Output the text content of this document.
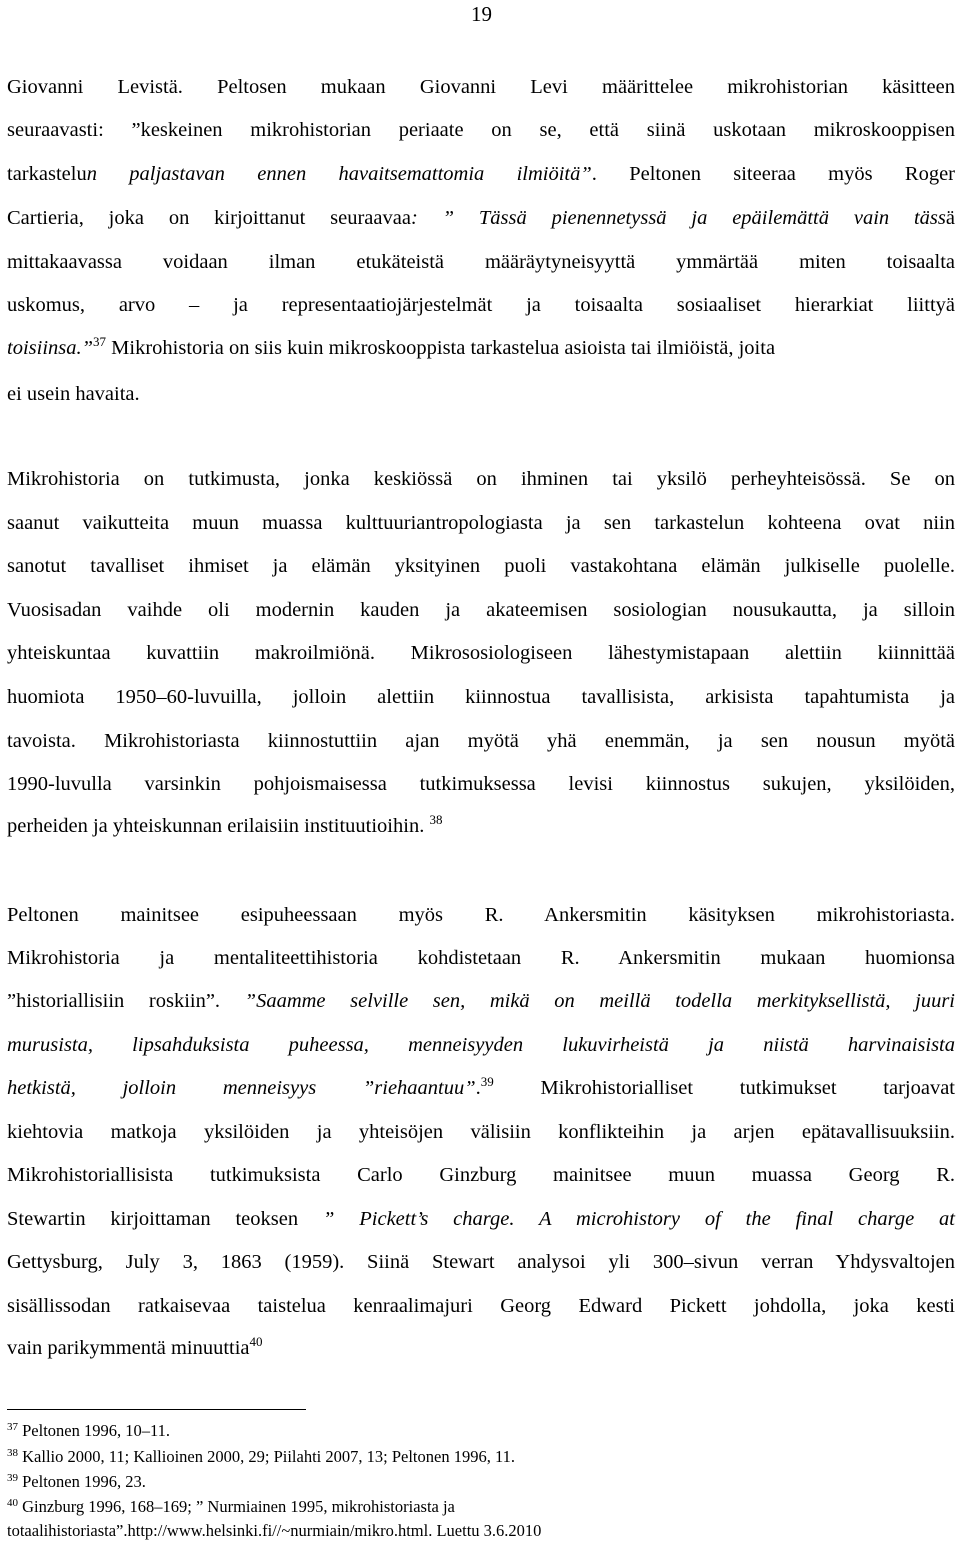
19
Giovanni Levistä. Peltosen mukaan Giovanni Levi määrittelee mikrohistorian käsitteen
seuraavasti: ”keskeinen mikrohistorian periaate on se, että siinä uskotaan mikroskooppisen
tarkastelun paljastavan ennen havaitsemattomia ilmiöitä”. Peltonen siteeraa myös Roger
Cartieria, joka on kirjoittanut seuraavaa: ” Tässä pienennetyssä ja epäilemättä vain tässä
mittakaavassa voidaan ilman etukäteistä määräytyneisyyttä ymmärtää miten toisaalta
uskomus, arvo – ja representaatiojärjestelmät ja toisaalta sosiaaliset hierarkiat liittyä
toisiinsa.”$^{37}$ Mikrohistoria on siis kuin mikroskooppista tarkastelua asioista tai ilmiöistä, joita
ei usein havaita.
Mikrohistoria on tutkimusta, jonka keskiössä on ihminen tai yksilö perheyhteisössä. Se on
saanut vaikutteita muun muassa kulttuuriantropologiasta ja sen tarkastelun kohteena ovat niin
sanotut tavalliset ihmiset ja elämän yksityinen puoli vastakohtana elämän julkiselle puolelle.
Vuosisadan vaihde oli modernin kauden ja akateemisen sosiologian nousukautta, ja silloin
yhteiskuntaa kuvattiin makroilmiönä. Mikrososiologiseen lähestymistapaan alettiin kiinnittää
huomiota 1950–60-luvuilla, jolloin alettiin kiinnostua tavallisista, arkisista tapahtumista ja
tavoista. Mikrohistoriasta kiinnostuttiin ajan myötä yhä enemmän, ja sen nousun myötä
1990-luvulla varsinkin pohjoismaisessa tutkimuksessa levisi kiinnostus sukujen, yksilöiden,
perheiden ja yhteiskunnan erilaisiin instituutioihin. $^{38}$
Peltonen mainitsee esipuheessaan myös R. Ankersmitin käsityksen mikrohistoriasta.
Mikrohistoria ja mentaliteettihistoria kohdistetaan R. Ankersmitin mukaan huomionsa
”historiallisiin roskiin”. ”Saamme selville sen, mikä on meillä todella merkityksellistä, juuri
murusista, lipsahduksista puheessa, menneisyyden lukuvirheistä ja niistä harvinaisista
hetkistä, jolloin menneisyys ”riehaantuu”.$^{39}$ Mikrohistorialliset tutkimukset tarjoavat
kiehtovia matkoja yksilöiden ja yhteisöjen välisiin konflikteihin ja arjen epätavallisuuksiin.
Mikrohistoriallisista tutkimuksista Carlo Ginzburg mainitsee muun muassa Georg R.
Stewartin kirjoittaman teoksen ” Pickett’s charge. A microhistory of the final charge at
Gettysburg, July 3, 1863 (1959). Siinä Stewart analysoi yli 300–sivun verran Yhdysvaltojen
sisällissodan ratkaisevaa taistelua kenraalimajuri Georg Edward Pickett johdolla, joka kesti
vain parikymmentä minuuttia$^{40}$
$^{37}$ Peltonen 1996, 10–11.
$^{38}$ Kallio 2000, 11; Kallioinen 2000, 29; Piilahti 2007, 13; Peltonen 1996, 11.
$^{39}$ Peltonen 1996, 23.
$^{40}$ Ginzburg 1996, 168–169; ” Nurmiainen 1995, mikrohistoriasta ja
totaalihistoriasta”.http://www.helsinki.fi//~nurmiain/mikro.html. Luettu 3.6.2010
